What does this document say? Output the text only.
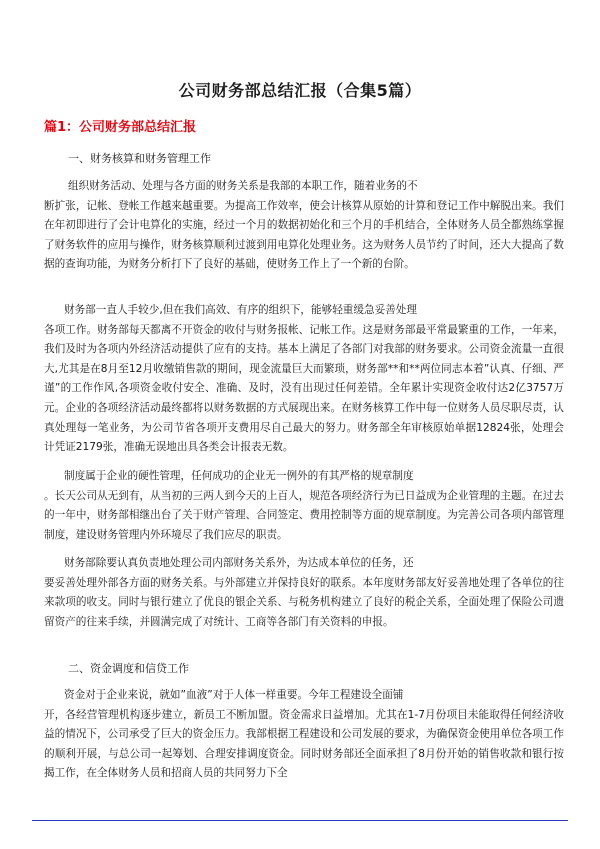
公司财务部总结汇报（合集5篇）
篇1：公司财务部总结汇报
一、财务核算和财务管理工作
组织财务活动、处理与各方面的财务关系是我部的本职工作，随着业务的不
断扩张，记帐、登帐工作越来越重要。为提高工作效率，使会计核算从原始的计算和登记工作中解脱出来。我们在年初即进行了会计电算化的实施，经过一个月的数据初始化和三个月的手机结合，全体财务人员全都熟练掌握了财务软件的应用与操作，财务核算顺利过渡到用电算化处理业务。这为财务人员节约了时间，还大大提高了数据的查询功能，为财务分析打下了良好的基础，使财务工作上了一个新的台阶。
财务部一直人手较少,但在我们高效、有序的组织下，能够轻重缓急妥善处理
各项工作。财务部每天都离不开资金的收付与财务报帐、记帐工作。这是财务部最平常最繁重的工作，一年来，我们及时为各项内外经济活动提供了应有的支持。基本上满足了各部门对我部的财务要求。公司资金流量一直很大,尤其是在8月至12月收缴销售款的期间，现金流量巨大而繁琐，财务部**和**两位同志本着”认真、仔细、严谨”的工作作风,各项资金收付安全、准确、及时，没有出现过任何差错。全年累计实现资金收付达2亿3757万元。企业的各项经济活动最终都将以财务数据的方式展现出来。在财务核算工作中每一位财务人员尽职尽责，认真处理每一笔业务，为公司节省各项开支费用尽自己最大的努力。财务部全年审核原始单据12824张，处理会计凭证2179张，准确无误地出具各类会计报表无数。
制度属于企业的硬性管理，任何成功的企业无一例外的有其严格的规章制度
。长天公司从无到有，从当初的三两人到今天的上百人，规范各项经济行为已日益成为企业管理的主题。在过去的一年中，财务部相继出台了关于财产管理、合同签定、费用控制等方面的规章制度。为完善公司各项内部管理制度，建设财务管理内外环境尽了我们应尽的职责。
财务部除要认真负责地处理公司内部财务关系外，为达成本单位的任务，还
要妥善处理外部各方面的财务关系。与外部建立并保持良好的联系。本年度财务部友好妥善地处理了各单位的往来款项的收支。同时与银行建立了优良的银企关系、与税务机构建立了良好的税企关系，全面处理了保险公司遗留资产的往来手续，并圆满完成了对统计、工商等各部门有关资料的申报。
二、资金调度和信贷工作
资金对于企业来说，就如”血液”对于人体一样重要。今年工程建设全面铺
开，各经营管理机构逐步建立，新员工不断加盟。资金需求日益增加。尤其在1-7月份项目未能取得任何经济收益的情况下，公司承受了巨大的资金压力。我部根据工程建设和公司发展的要求，为确保资金使用单位各项工作的顺利开展，与总公司一起筹划、合理安排调度资金。同时财务部还全面承担了8月份开始的销售收款和银行按揭工作，在全体财务人员和招商人员的共同努力下全
